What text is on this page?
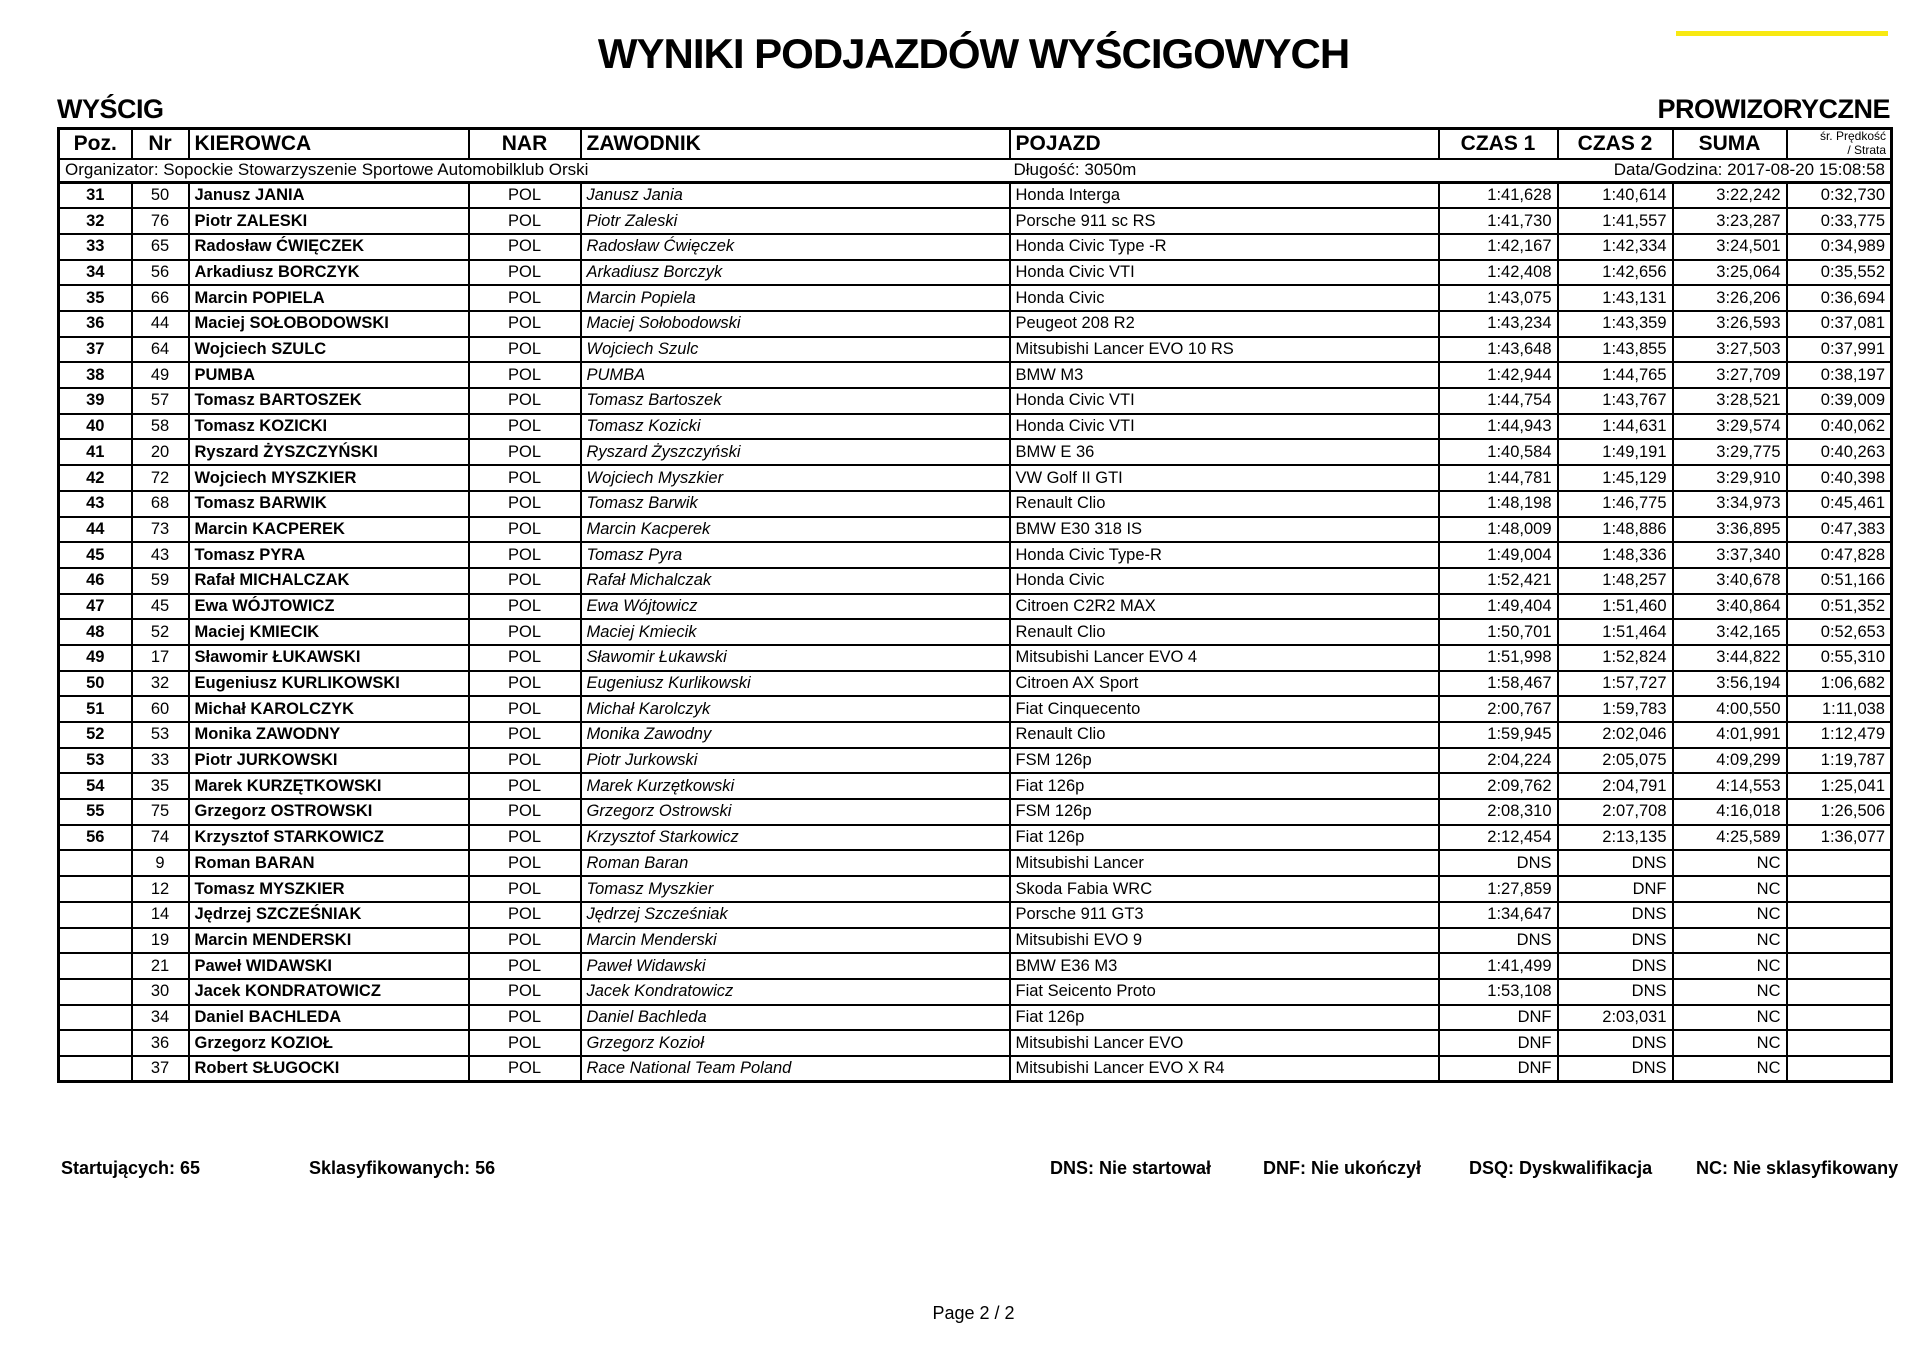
WYNIKI PODJAZDÓW WYŚCIGOWYCH
WYŚCIG	PROWIZORYCZNE
Organizator: Sopockie Stowarzyszenie Sportowe Automobilklub Orski					Długość: 3050m	Data/Godzina: 2017-08-20 15:08:58			
Poz.	Nr	KIEROWCA	NAR	ZAWODNIK	POJAZD	CZAS 1	CZAS 2	SUMA	śr. Prędkość
/ Strata
31	50	Janusz JANIA	POL	Janusz Jania	Honda Interga	1:41,628	1:40,614	3:22,242	0:32,730
32	76	Piotr ZALESKI	POL	Piotr Zaleski	Porsche 911 sc RS	1:41,730	1:41,557	3:23,287	0:33,775
33	65	Radosław ĆWIĘCZEK	POL	Radosław Ćwięczek	Honda Civic Type -R	1:42,167	1:42,334	3:24,501	0:34,989
34	56	Arkadiusz BORCZYK	POL	Arkadiusz Borczyk	Honda Civic VTI	1:42,408	1:42,656	3:25,064	0:35,552
35	66	Marcin POPIELA	POL	Marcin Popiela	Honda Civic	1:43,075	1:43,131	3:26,206	0:36,694
36	44	Maciej SOŁOBODOWSKI	POL	Maciej Sołobodowski	Peugeot 208 R2	1:43,234	1:43,359	3:26,593	0:37,081
37	64	Wojciech SZULC	POL	Wojciech Szulc	Mitsubishi Lancer EVO 10 RS	1:43,648	1:43,855	3:27,503	0:37,991
38	49	PUMBA	POL	PUMBA	BMW M3	1:42,944	1:44,765	3:27,709	0:38,197
39	57	Tomasz BARTOSZEK	POL	Tomasz Bartoszek	Honda Civic VTI	1:44,754	1:43,767	3:28,521	0:39,009
40	58	Tomasz KOZICKI	POL	Tomasz Kozicki	Honda Civic VTI	1:44,943	1:44,631	3:29,574	0:40,062
41	20	Ryszard ŻYSZCZYŃSKI	POL	Ryszard Żyszczyński	BMW E 36	1:40,584	1:49,191	3:29,775	0:40,263
42	72	Wojciech MYSZKIER	POL	Wojciech Myszkier	VW Golf II GTI	1:44,781	1:45,129	3:29,910	0:40,398
43	68	Tomasz BARWIK	POL	Tomasz Barwik	Renault Clio	1:48,198	1:46,775	3:34,973	0:45,461
44	73	Marcin KACPEREK	POL	Marcin Kacperek	BMW E30 318 IS	1:48,009	1:48,886	3:36,895	0:47,383
45	43	Tomasz PYRA	POL	Tomasz Pyra	Honda Civic Type-R	1:49,004	1:48,336	3:37,340	0:47,828
46	59	Rafał MICHALCZAK	POL	Rafał Michalczak	Honda Civic	1:52,421	1:48,257	3:40,678	0:51,166
47	45	Ewa WÓJTOWICZ	POL	Ewa Wójtowicz	Citroen C2R2 MAX	1:49,404	1:51,460	3:40,864	0:51,352
48	52	Maciej KMIECIK	POL	Maciej Kmiecik	Renault Clio	1:50,701	1:51,464	3:42,165	0:52,653
49	17	Sławomir ŁUKAWSKI	POL	Sławomir Łukawski	Mitsubishi Lancer EVO 4	1:51,998	1:52,824	3:44,822	0:55,310
50	32	Eugeniusz KURLIKOWSKI	POL	Eugeniusz Kurlikowski	Citroen AX Sport	1:58,467	1:57,727	3:56,194	1:06,682
51	60	Michał KAROLCZYK	POL	Michał Karolczyk	Fiat Cinquecento	2:00,767	1:59,783	4:00,550	1:11,038
52	53	Monika ZAWODNY	POL	Monika Zawodny	Renault Clio	1:59,945	2:02,046	4:01,991	1:12,479
53	33	Piotr JURKOWSKI	POL	Piotr Jurkowski	FSM 126p	2:04,224	2:05,075	4:09,299	1:19,787
54	35	Marek KURZĘTKOWSKI	POL	Marek Kurzętkowski	Fiat 126p	2:09,762	2:04,791	4:14,553	1:25,041
55	75	Grzegorz OSTROWSKI	POL	Grzegorz Ostrowski	FSM 126p	2:08,310	2:07,708	4:16,018	1:26,506
56	74	Krzysztof STARKOWICZ	POL	Krzysztof Starkowicz	Fiat 126p	2:12,454	2:13,135	4:25,589	1:36,077
	9	Roman BARAN	POL	Roman Baran	Mitsubishi Lancer	DNS	DNS	NC	
	12	Tomasz MYSZKIER	POL	Tomasz Myszkier	Skoda Fabia WRC	1:27,859	DNF	NC	
	14	Jędrzej SZCZEŚNIAK	POL	Jędrzej Szcześniak	Porsche 911 GT3	1:34,647	DNS	NC	
	19	Marcin MENDERSKI	POL	Marcin Menderski	Mitsubishi EVO 9	DNS	DNS	NC	
	21	Paweł WIDAWSKI	POL	Paweł Widawski	BMW E36 M3	1:41,499	DNS	NC	
	30	Jacek KONDRATOWICZ	POL	Jacek Kondratowicz	Fiat Seicento Proto	1:53,108	DNS	NC	
	34	Daniel BACHLEDA	POL	Daniel Bachleda	Fiat 126p	DNF	2:03,031	NC	
	36	Grzegorz KOZIOŁ	POL	Grzegorz Kozioł	Mitsubishi Lancer EVO	DNF	DNS	NC	
	37	Robert SŁUGOCKI	POL	Race National Team Poland	Mitsubishi Lancer EVO X R4	DNF	DNS	NC	
Startujących: 65	Sklasyfikowanych: 56	DNS: Nie startował	DNF: Nie ukończył	DSQ: Dyskwalifikacja NC: Nie sklasyfikowany
Page 2 / 2
